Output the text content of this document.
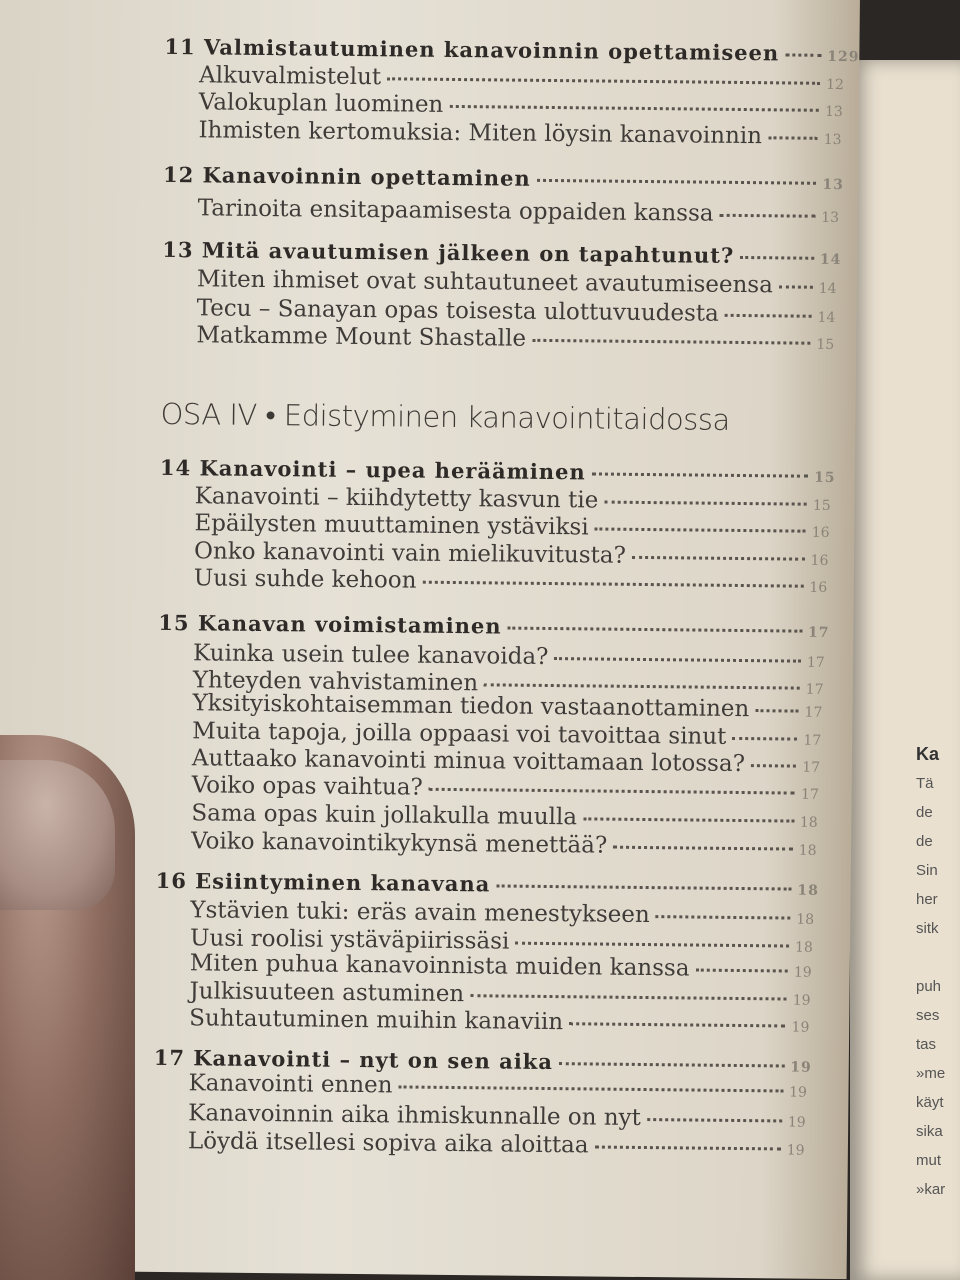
Ka
Tä
de
de
Sin
her
sitk

puh
ses
tas
»me
käyt
sika
mut
»kar
OSA IV • Edistyminen kanavointitaidossa
11 Valmistautuminen kanavoinnin opettamiseen	129
Alkuvalmistelut	12
Valokuplan luominen	13
Ihmisten kertomuksia: Miten löysin kanavoinnin	13
12 Kanavoinnin opettaminen	13
Tarinoita ensitapaamisesta oppaiden kanssa	13
13 Mitä avautumisen jälkeen on tapahtunut?	14
Miten ihmiset ovat suhtautuneet avautumiseensa	14
Tecu – Sanayan opas toisesta ulottuvuudesta	14
Matkamme Mount Shastalle	15
14 Kanavointi – upea herääminen	15
Kanavointi – kiihdytetty kasvun tie	15
Epäilysten muuttaminen ystäviksi	16
Onko kanavointi vain mielikuvitusta?	16
Uusi suhde kehoon	16
15 Kanavan voimistaminen	17
Kuinka usein tulee kanavoida?	17
Yhteyden vahvistaminen	17
Yksityiskohtaisemman tiedon vastaanottaminen	17
Muita tapoja, joilla oppaasi voi tavoittaa sinut	17
Auttaako kanavointi minua voittamaan lotossa?	17
Voiko opas vaihtua?	17
Sama opas kuin jollakulla muulla	18
Voiko kanavointikykynsä menettää?	18
16 Esiintyminen kanavana	18
Ystävien tuki: eräs avain menestykseen	18
Uusi roolisi ystäväpiirissäsi	18
Miten puhua kanavoinnista muiden kanssa	19
Julkisuuteen astuminen	19
Suhtautuminen muihin kanaviin	19
17 Kanavointi – nyt on sen aika	19
Kanavointi ennen	19
Kanavoinnin aika ihmiskunnalle on nyt	19
Löydä itsellesi sopiva aika aloittaa	19
